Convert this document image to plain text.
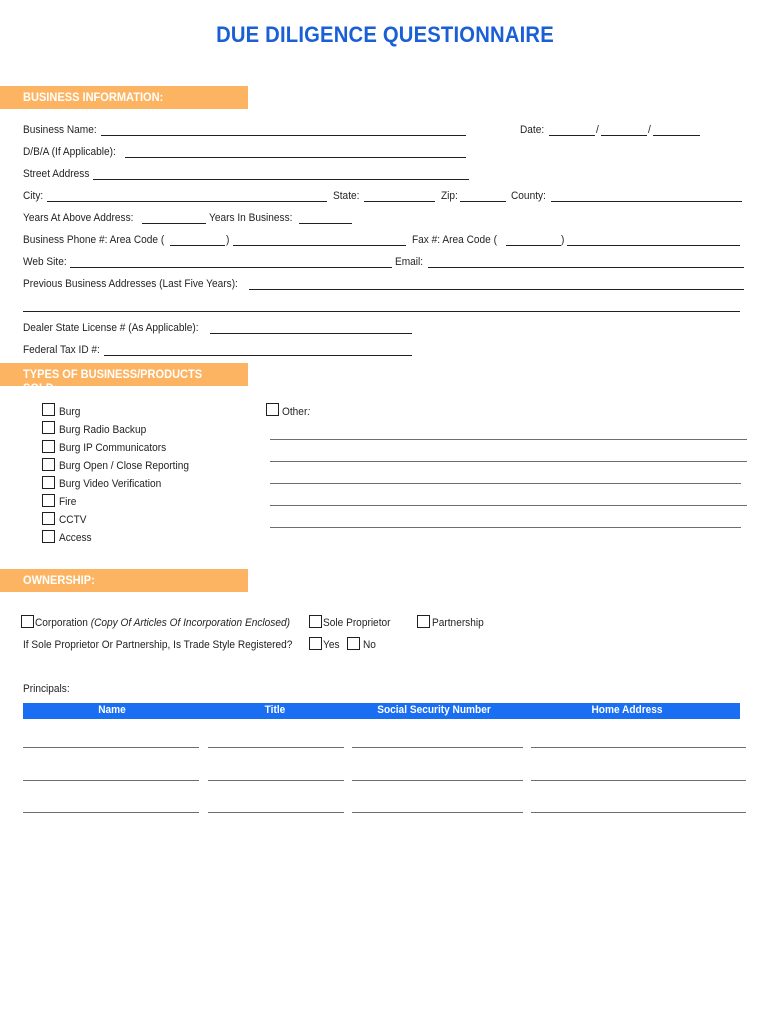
DUE DILIGENCE QUESTIONNAIRE
BUSINESS INFORMATION:
Business Name:	Date:	/	/
D/B/A (If Applicable):
Street Address
City:	State:	Zip:	County:
Years At Above Address:	Years In Business:
Business Phone #: Area Code (	)	Fax #: Area Code (	)
Web Site:	Email:
Previous Business Addresses (Last Five Years):
Dealer State License # (As Applicable):
Federal Tax ID #:
TYPES OF BUSINESS/PRODUCTS SOLD:
Burg
Burg Radio Backup
Burg IP Communicators
Burg Open / Close Reporting
Burg Video Verification
Fire
CCTV
Access
Other:
OWNERSHIP:
Corporation (Copy Of Articles Of Incorporation Enclosed)	Sole Proprietor	Partnership
If Sole Proprietor Or Partnership, Is Trade Style Registered?	Yes No
Principals:
Name	Title	Social Security Number	Home Address
